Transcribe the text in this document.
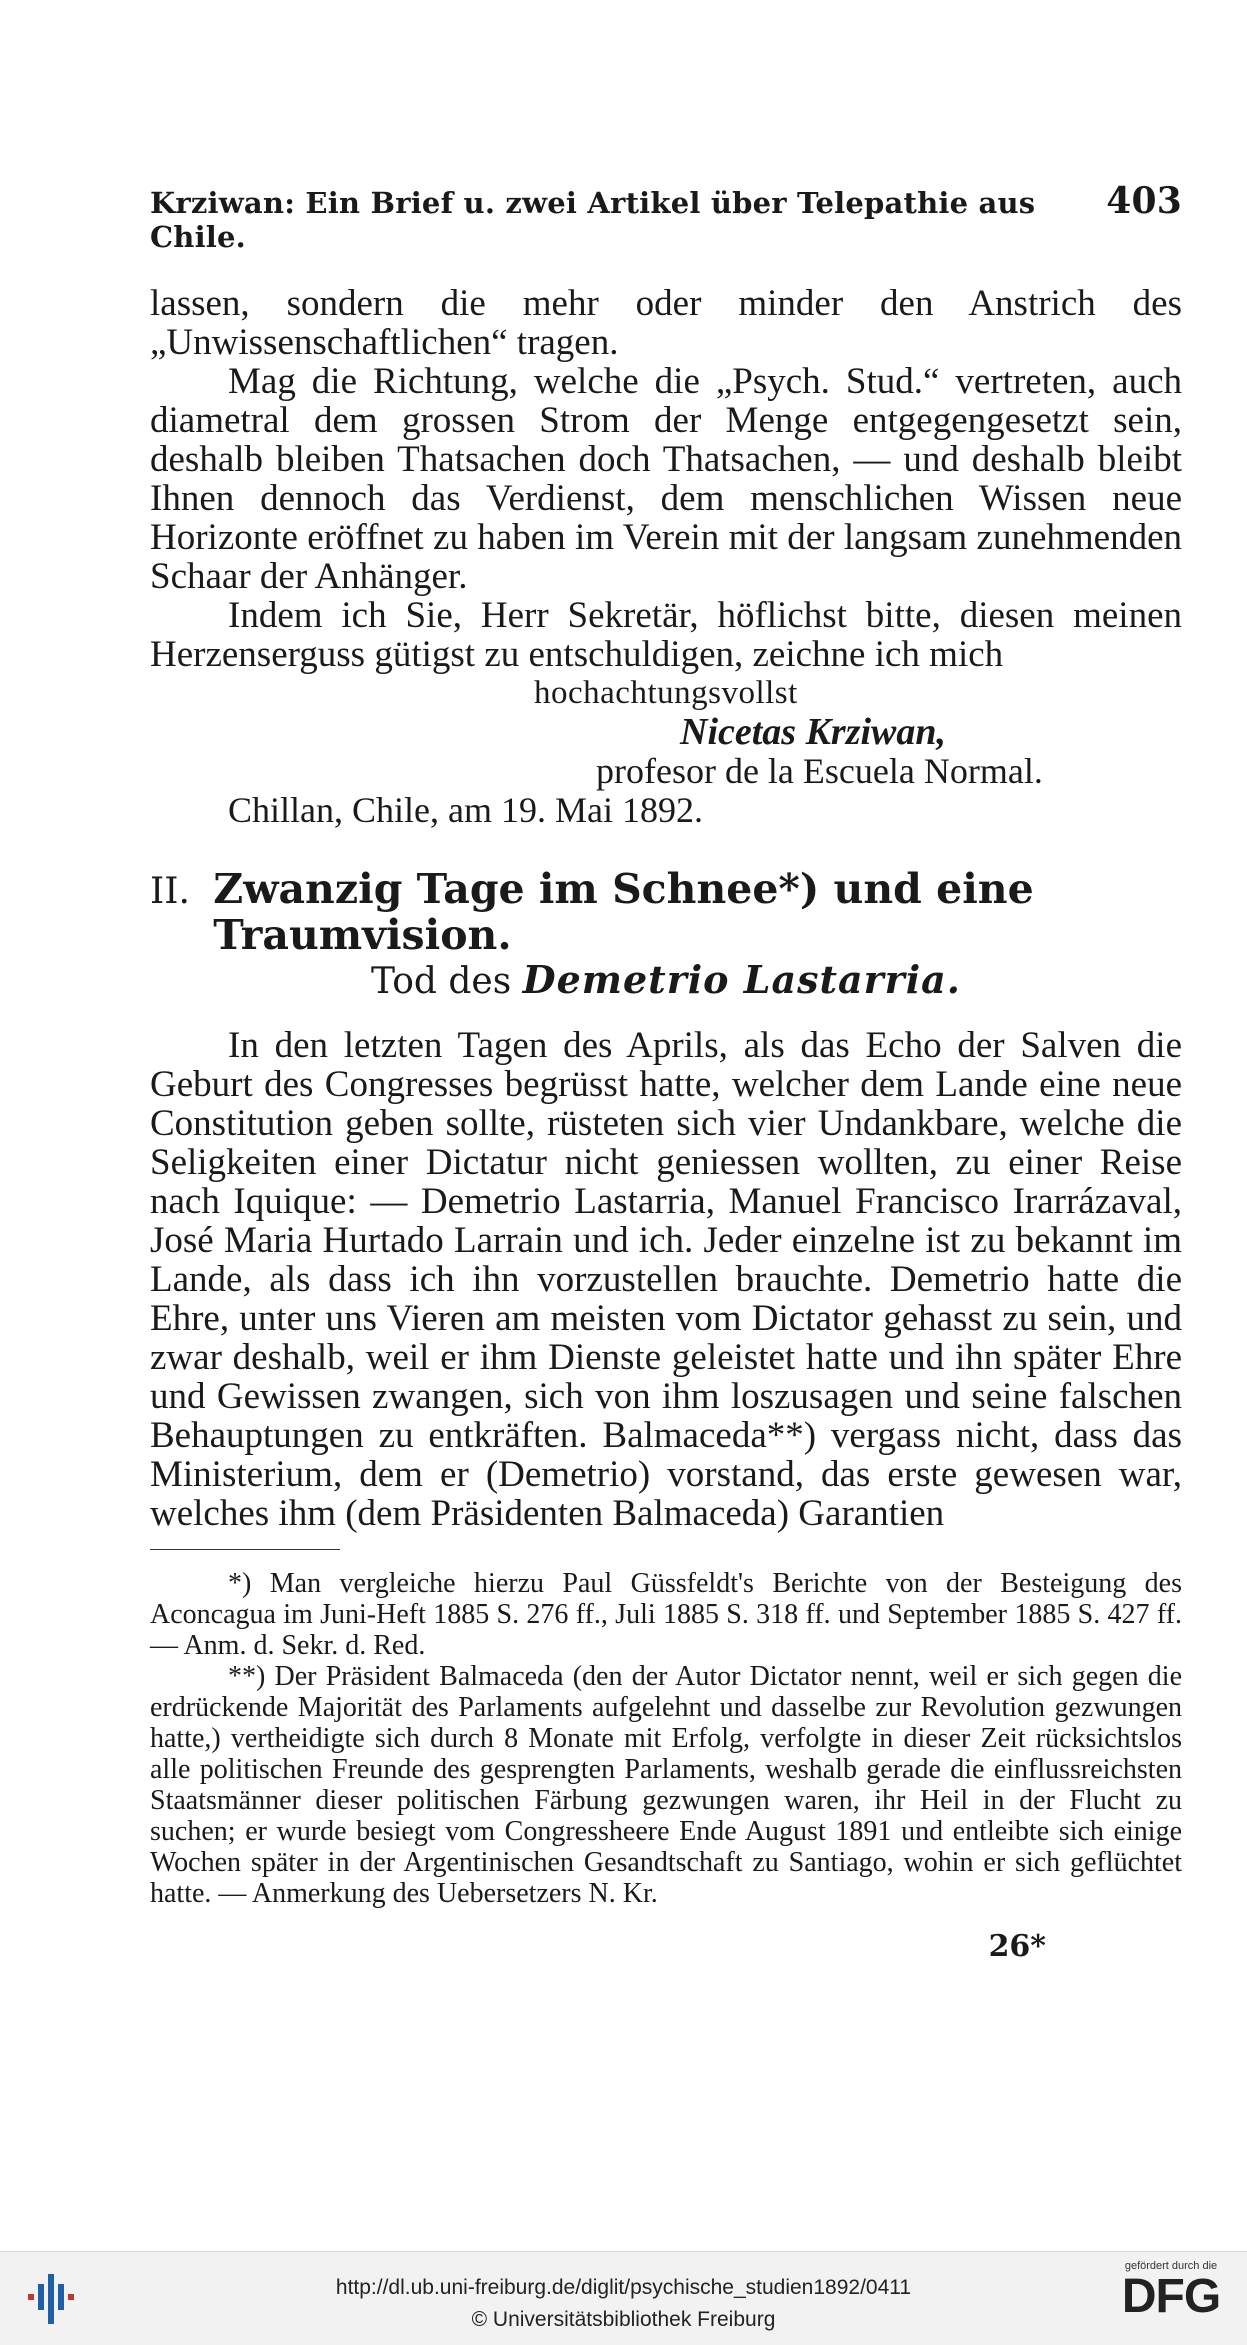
Krziwan: Ein Brief u. zwei Artikel über Telepathie aus Chile.
403

lassen, sondern die mehr oder minder den Anstrich des „Unwissenschaftlichen“ tragen.

Mag die Richtung, welche die „Psych. Stud.“ vertreten, auch diametral dem grossen Strom der Menge entgegengesetzt sein, deshalb bleiben Thatsachen doch Thatsachen, — und deshalb bleibt Ihnen dennoch das Verdienst, dem menschlichen Wissen neue Horizonte eröffnet zu haben im Verein mit der langsam zunehmenden Schaar der Anhänger.

Indem ich Sie, Herr Sekretär, höflichst bitte, diesen meinen Herzenserguss gütigst zu entschuldigen, zeichne ich mich

hochachtungsvollst

Nicetas Krziwan,

profesor de la Escuela Normal.

Chillan, Chile, am 19. Mai 1892.

II. Zwanzig Tage im Schnee*) und eine Traumvision.
Tod des Demetrio Lastarria.

In den letzten Tagen des Aprils, als das Echo der Salven die Geburt des Congresses begrüsst hatte, welcher dem Lande eine neue Constitution geben sollte, rüsteten sich vier Undankbare, welche die Seligkeiten einer Dictatur nicht geniessen wollten, zu einer Reise nach Iquique: — Demetrio Lastarria, Manuel Francisco Irarrázaval, José Maria Hurtado Larrain und ich. Jeder einzelne ist zu bekannt im Lande, als dass ich ihn vorzustellen brauchte. Demetrio hatte die Ehre, unter uns Vieren am meisten vom Dictator gehasst zu sein, und zwar deshalb, weil er ihm Dienste geleistet hatte und ihn später Ehre und Gewissen zwangen, sich von ihm loszusagen und seine falschen Behauptungen zu entkräften. Balmaceda**) vergass nicht, dass das Ministerium, dem er (Demetrio) vorstand, das erste gewesen war, welches ihm (dem Präsidenten Balmaceda) Garantien

*) Man vergleiche hierzu Paul Güssfeldt's Berichte von der Besteigung des Aconcagua im Juni-Heft 1885 S. 276 ff., Juli 1885 S. 318 ff. und September 1885 S. 427 ff. — Anm. d. Sekr. d. Red.

**) Der Präsident Balmaceda (den der Autor Dictator nennt, weil er sich gegen die erdrückende Majorität des Parlaments aufgelehnt und dasselbe zur Revolution gezwungen hatte,) vertheidigte sich durch 8 Monate mit Erfolg, verfolgte in dieser Zeit rücksichtslos alle politischen Freunde des gesprengten Parlaments, weshalb gerade die einflussreichsten Staatsmänner dieser politischen Färbung gezwungen waren, ihr Heil in der Flucht zu suchen; er wurde besiegt vom Congressheere Ende August 1891 und entleibte sich einige Wochen später in der Argentinischen Gesandtschaft zu Santiago, wohin er sich geflüchtet hatte. — Anmerkung des Uebersetzers N. Kr.

26*
http://dl.ub.uni-freiburg.de/diglit/psychische_studien1892/0411
© Universitätsbibliothek Freiburg
gefördert durch die
DFG
